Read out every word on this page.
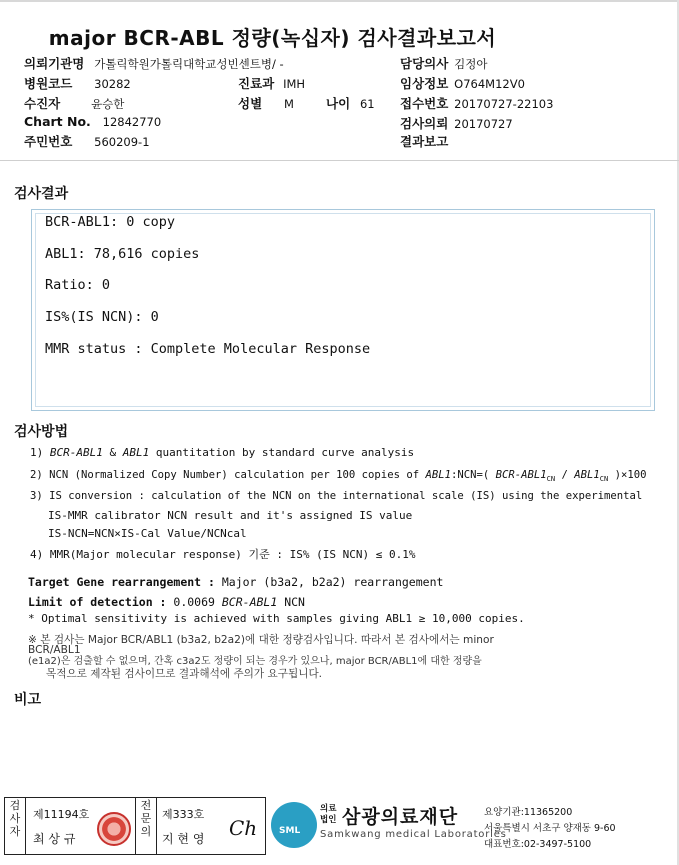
major BCR-ABL 정량(녹십자) 검사결과보고서
의뢰기관명 가톨릭학원가톨릭대학교성빈센트병/ -
병원코드 30282
수진자	윤승한
Chart No. 12842770
주민번호 560209-1
진료과 IMH
성별 M	나이 61
담당의사 김정아
임상정보 O764M12V0
접수번호 20170727-22103
검사의뢰 20170727
결과보고
검사결과
BCR-ABL1: 0 copy
ABL1: 78,616 copies
Ratio: 0
IS%(IS NCN): 0
MMR status : Complete Molecular Response
검사방법
1) BCR-ABL1 & ABL1 quantitation by standard curve analysis
2) NCN (Normalized Copy Number) calculation per 100 copies of ABL1:NCN=( BCR-$ABL1_{CN} / ABL1_{CN}$ )×100
3) IS conversion : calculation of the NCN on the international scale (IS) using the experimental
IS-MMR calibrator NCN result and it's assigned IS value
IS-NCN=NCN×IS-Cal Value/NCNcal
4) MMR(Major molecular response) 기준 : IS% (IS NCN) ≤ 0.1%
Target Gene rearrangement : Major (b3a2, b2a2) rearrangement
Limit of detection : 0.0069 BCR-ABL1 NCN
* Optimal sensitivity is achieved with samples giving ABL1 ≥ 10,000 copies.
※ 본 검사는 Major BCR/ABL1 (b3a2, b2a2)에 대한 정량검사입니다. 따라서 본 검사에서는 minor
BCR/ABL1
(e1a2)은 검출할 수 없으며, 간혹 c3a2도 정량이 되는 경우가 있으나, major BCR/ABL1에 대한 정량을
목적으로 제작된 검사이므로 결과해석에 주의가 요구됩니다.
비고
검사자
제11194호
최 상 규
전문의
제333호
지 현 영 Ch SML
의료
법인 삼광의료재단
Samkwang medical Laboratories
요양기관:11365200
서울특별시 서초구 양재동 9-60
대표번호:02-3497-5100
